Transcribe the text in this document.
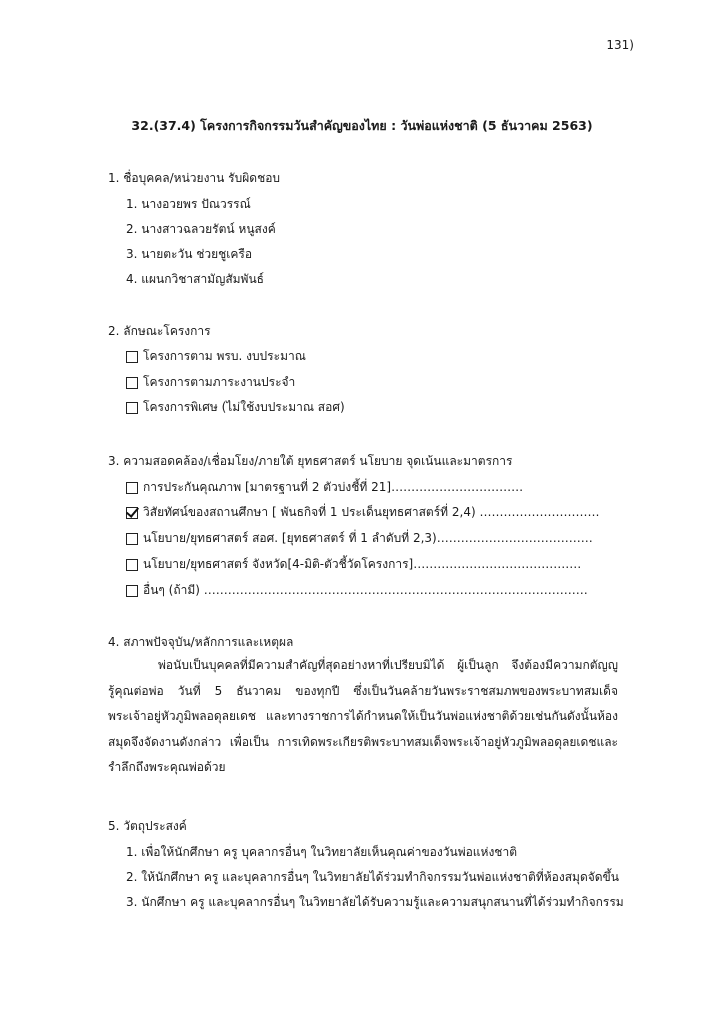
131)
32.(37.4) โครงการกิจกรรมวันสำคัญของไทย : วันพ่อแห่งชาติ (5 ธันวาคม 2563)
1. ชื่อบุคคล/หน่วยงาน รับผิดชอบ
1. นางอวยพร ปัณวรรณ์
2. นางสาวฉลวยรัตน์ หนูสงค์
3. นายตะวัน ช่วยชูเครือ
4. แผนกวิชาสามัญสัมพันธ์
2. ลักษณะโครงการ
โครงการตาม พรบ. งบประมาณ
โครงการตามภาระงานประจำ
โครงการพิเศษ (ไม่ใช้งบประมาณ สอศ)
3. ความสอดคล้อง/เชื่อมโยง/ภายใต้ ยุทธศาสตร์ นโยบาย จุดเน้นและมาตรการ
การประกันคุณภาพ [มาตรฐานที่ 2 ตัวบ่งชี้ที่ 21]……………………………
วิสัยทัศน์ของสถานศึกษา [ พันธกิจที่ 1 ประเด็นยุทธศาสตร์ที่ 2,4) …………………………
นโยบาย/ยุทธศาสตร์ สอศ. [ยุทธศาสตร์ ที่ 1 ลำดับที่ 2,3)…………………………………
นโยบาย/ยุทธศาสตร์ จังหวัด[4-มิติ-ตัวชี้วัดโครงการ]……………………………………
อื่นๆ (ถ้ามี) ……………………………………………………………………………………
4. สภาพปัจจุบัน/หลักการและเหตุผล

พ่อนับเป็นบุคคลที่มีความสำคัญที่สุดอย่างหาที่เปรียบมิได้ ผู้เป็นลูก จึงต้องมีความกตัญญูรู้คุณต่อพ่อ วันที่ 5 ธันวาคม ของทุกปี ซึ่งเป็นวันคล้ายวันพระราชสมภพของพระบาทสมเด็จพระเจ้าอยู่หัวภูมิพลอดุลยเดช และทางราชการได้กำหนดให้เป็นวันพ่อแห่งชาติด้วยเช่นกันดังนั้นห้องสมุดจึงจัดงานดังกล่าว เพื่อเป็น การเทิดพระเกียรติพระบาทสมเด็จพระเจ้าอยู่หัวภูมิพลอดุลยเดชและรำลึกถึงพระคุณพ่อด้วย

5. วัตถุประสงค์
1. เพื่อให้นักศึกษา ครู บุคลากรอื่นๆ ในวิทยาลัยเห็นคุณค่าของวันพ่อแห่งชาติ
2. ให้นักศึกษา ครู และบุคลากรอื่นๆ ในวิทยาลัยได้ร่วมทำกิจกรรมวันพ่อแห่งชาติที่ห้องสมุดจัดขึ้น
3. นักศึกษา ครู และบุคลากรอื่นๆ ในวิทยาลัยได้รับความรู้และความสนุกสนานที่ได้ร่วมทำกิจกรรม
